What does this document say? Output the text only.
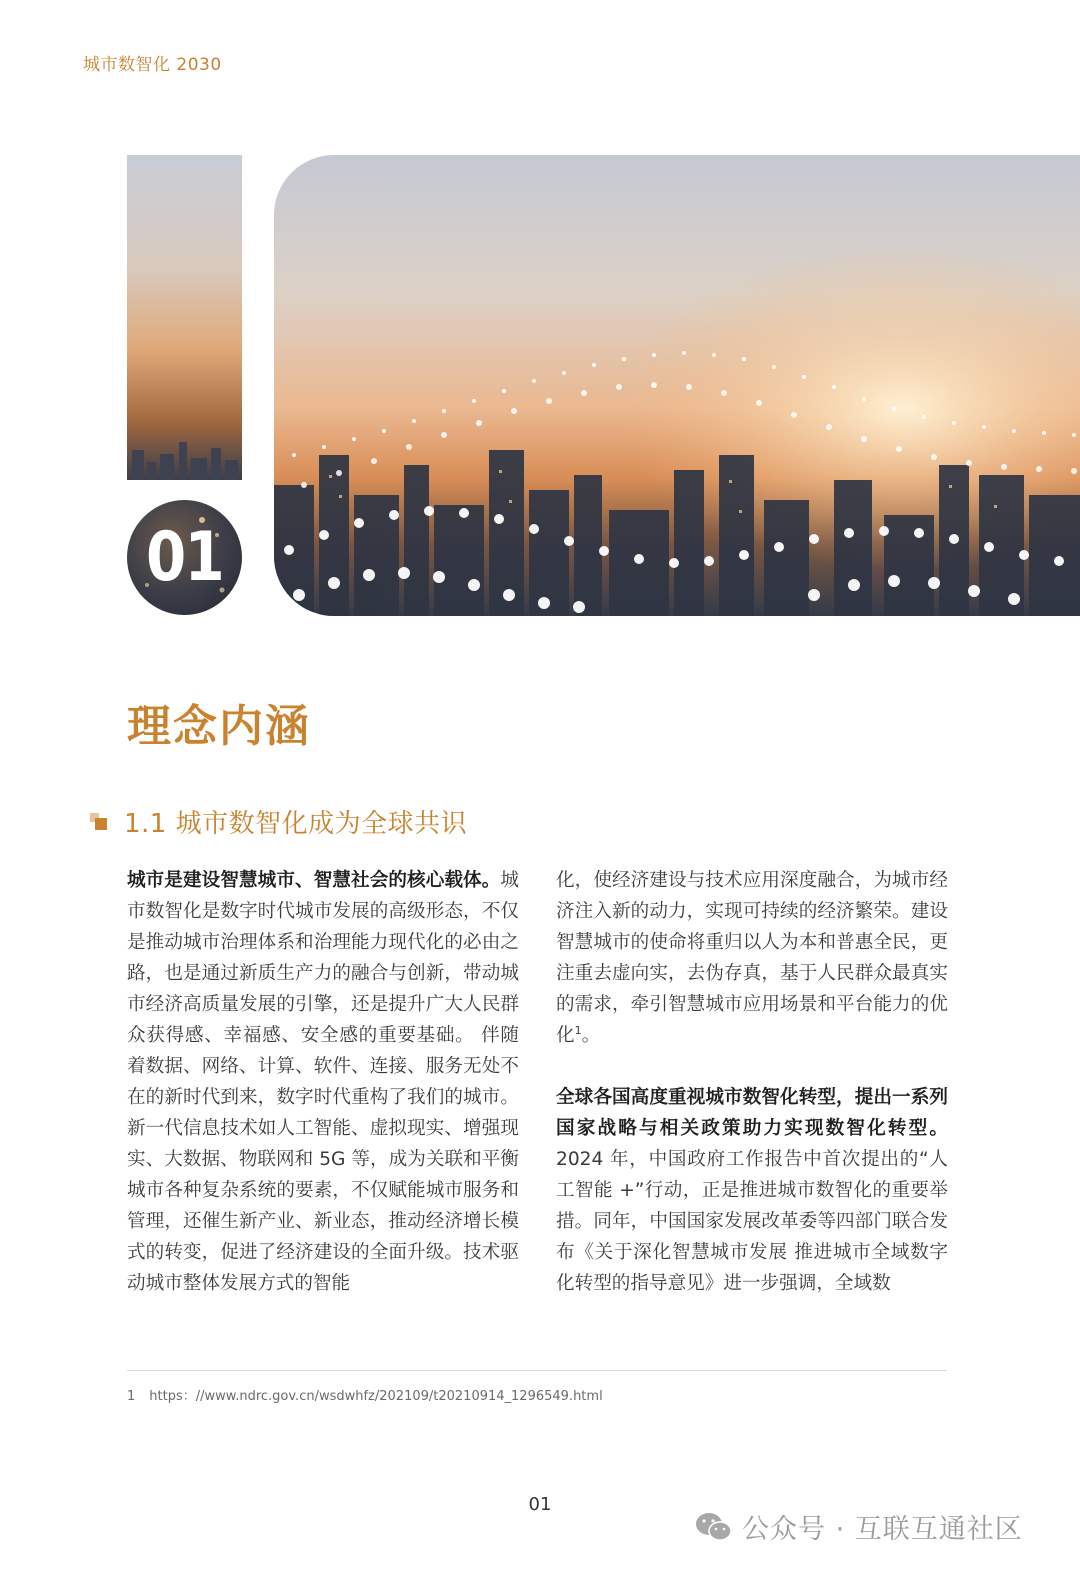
城市数智化 2030
01
理念内涵
1.1 城市数智化成为全球共识

城市是建设智慧城市、智慧社会的核心载体。城市数智化是数字时代城市发展的高级形态，不仅是推动城市治理体系和治理能力现代化的必由之路，也是通过新质生产力的融合与创新，带动城市经济高质量发展的引擎，还是提升广大人民群众获得感、幸福感、安全感的重要基础。 伴随着数据、网络、计算、软件、连接、服务无处不在的新时代到来，数字时代重构了我们的城市。新一代信息技术如人工智能、虚拟现实、增强现实、大数据、物联网和 5G 等，成为关联和平衡城市各种复杂系统的要素，不仅赋能城市服务和管理，还催生新产业、新业态，推动经济增长模式的转变，促进了经济建设的全面升级。技术驱动城市整体发展方式的智能

化，使经济建设与技术应用深度融合，为城市经济注入新的动力，实现可持续的经济繁荣。建设智慧城市的使命将重归以人为本和普惠全民，更注重去虚向实，去伪存真，基于人民群众最真实的需求，牵引智慧城市应用场景和平台能力的优化$^1$。

全球各国高度重视城市数智化转型，提出一系列国家战略与相关政策助力实现数智化转型。2024 年，中国政府工作报告中首次提出的“人工智能 +”行动，正是推进城市数智化的重要举措。同年，中国国家发展改革委等四部门联合发布《关于深化智慧城市发展 推进城市全域数字化转型的指导意见》进一步强调，全域数

1 https：//www.ndrc.gov.cn/wsdwhfz/202109/t20210914_1296549.html
01
公众号 · 互联互通社区
